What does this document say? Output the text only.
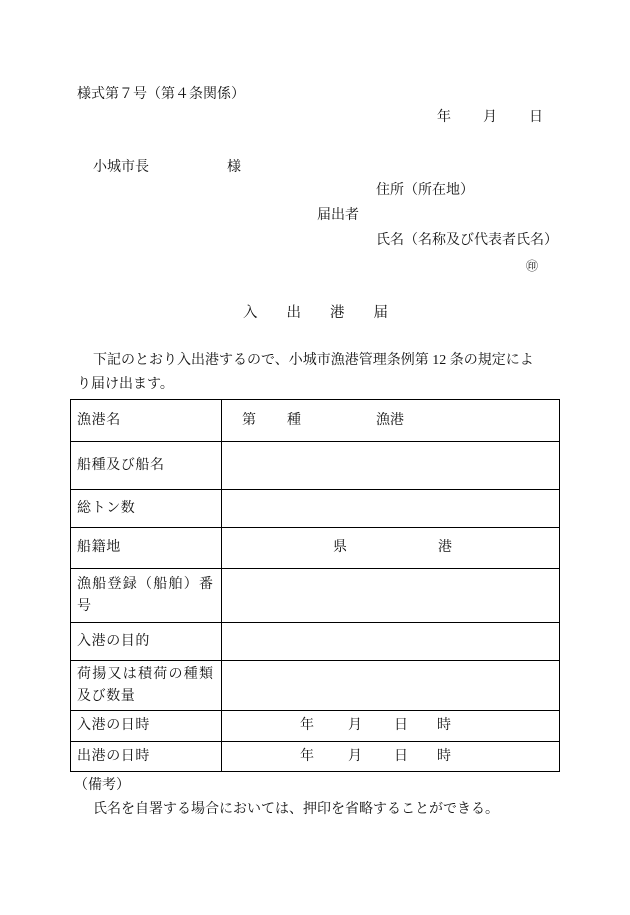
様式第７号（第４条関係）
年 月 日
小城市長	様
住所（所在地）
届出者
氏名（名称及び代表者氏名）
㊞
入　　出　　港　　届
下記のとおり入出港するので、小城市漁港管理条例第 12 条の規定によ
り届け出ます。
漁港名	第 種	漁港
船種及び船名
総トン数
船籍地	県	港
漁船登録（船舶）番
号
入港の目的
荷揚又は積荷の種類
及び数量
入港の日時	年 月 日 時
出港の日時	年 月 日 時
（備考）
氏名を自署する場合においては、押印を省略することができる。
